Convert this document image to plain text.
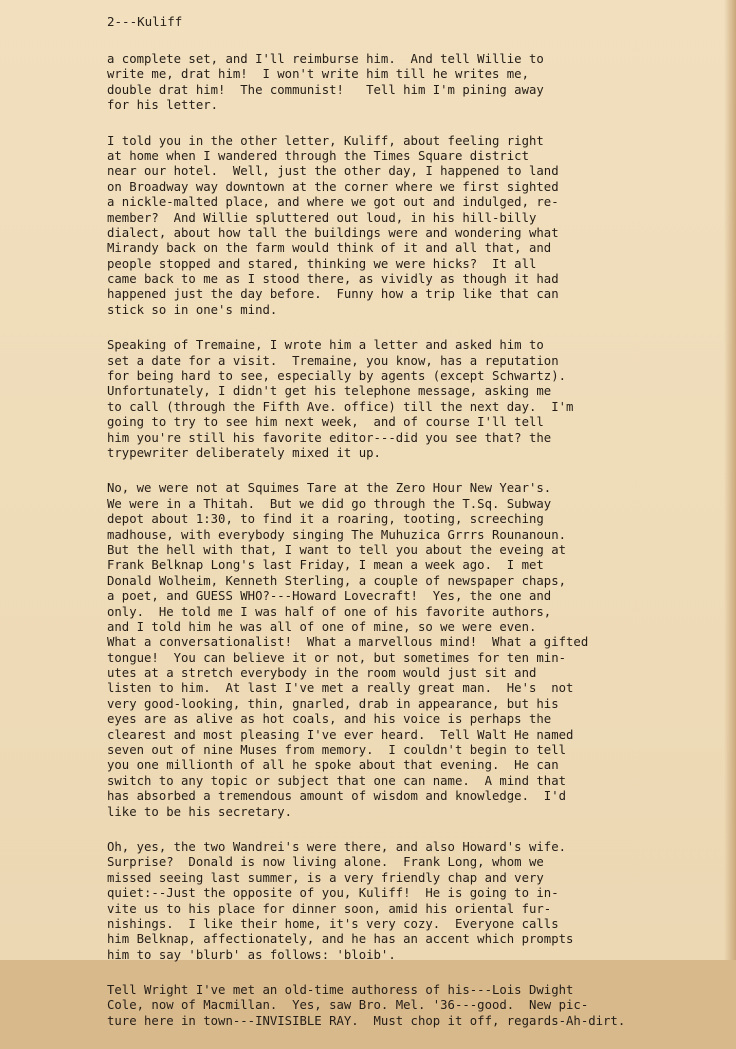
2---Kuliff
a complete set, and I'll reimburse him.  And tell Willie to
write me, drat him!  I won't write him till he writes me,
double drat him!  The communist!   Tell him I'm pining away
for his letter.
I told you in the other letter, Kuliff, about feeling right
at home when I wandered through the Times Square district
near our hotel.  Well, just the other day, I happened to land
on Broadway way downtown at the corner where we first sighted
a nickle-malted place, and where we got out and indulged, re-
member?  And Willie spluttered out loud, in his hill-billy
dialect, about how tall the buildings were and wondering what
Mirandy back on the farm would think of it and all that, and
people stopped and stared, thinking we were hicks?  It all
came back to me as I stood there, as vividly as though it had
happened just the day before.  Funny how a trip like that can
stick so in one's mind.
Speaking of Tremaine, I wrote him a letter and asked him to
set a date for a visit.  Tremaine, you know, has a reputation
for being hard to see, especially by agents (except Schwartz).
Unfortunately, I didn't get his telephone message, asking me
to call (through the Fifth Ave. office) till the next day.  I'm
going to try to see him next week,  and of course I'll tell
him you're still his favorite editor---did you see that? the
trypewriter deliberately mixed it up.
No, we were not at Squimes Tare at the Zero Hour New Year's.
We were in a Thitah.  But we did go through the T.Sq. Subway
depot about 1:30, to find it a roaring, tooting, screeching
madhouse, with everybody singing The Muhuzica Grrrs Rounanoun.
But the hell with that, I want to tell you about the eveing at
Frank Belknap Long's last Friday, I mean a week ago.  I met
Donald Wolheim, Kenneth Sterling, a couple of newspaper chaps,
a poet, and GUESS WHO?---Howard Lovecraft!  Yes, the one and
only.  He told me I was half of one of his favorite authors,
and I told him he was all of one of mine, so we were even.
What a conversationalist!  What a marvellous mind!  What a gifted
tongue!  You can believe it or not, but sometimes for ten min-
utes at a stretch everybody in the room would just sit and
listen to him.  At last I've met a really great man.  He's  not
very good-looking, thin, gnarled, drab in appearance, but his
eyes are as alive as hot coals, and his voice is perhaps the
clearest and most pleasing I've ever heard.  Tell Walt He named
seven out of nine Muses from memory.  I couldn't begin to tell
you one millionth of all he spoke about that evening.  He can
switch to any topic or subject that one can name.  A mind that
has absorbed a tremendous amount of wisdom and knowledge.  I'd
like to be his secretary.
Oh, yes, the two Wandrei's were there, and also Howard's wife.
Surprise?  Donald is now living alone.  Frank Long, whom we
missed seeing last summer, is a very friendly chap and very
quiet:--Just the opposite of you, Kuliff!  He is going to in-
vite us to his place for dinner soon, amid his oriental fur-
nishings.  I like their home, it's very cozy.  Everyone calls
him Belknap, affectionately, and he has an accent which prompts
him to say 'blurb' as follows: 'bloib'.
Tell Wright I've met an old-time authoress of his---Lois Dwight
Cole, now of Macmillan.  Yes, saw Bro. Mel. '36---good.  New pic-
ture here in town---INVISIBLE RAY.  Must chop it off, regards-Ah-dirt.
